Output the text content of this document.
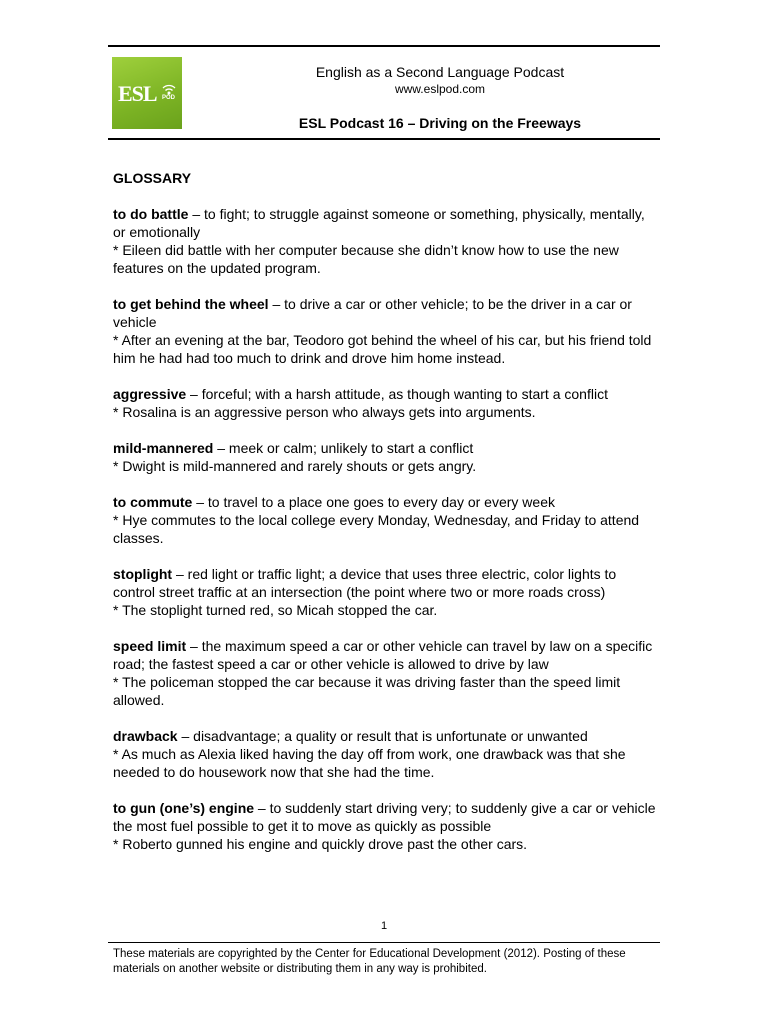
ESL POD
English as a Second Language Podcast
www.eslpod.com
ESL Podcast 16 – Driving on the Freeways

GLOSSARY

to do battle – to fight; to struggle against someone or something, physically, mentally, or emotionally

* Eileen did battle with her computer because she didn’t know how to use the new features on the updated program.

to get behind the wheel – to drive a car or other vehicle; to be the driver in a car or vehicle

* After an evening at the bar, Teodoro got behind the wheel of his car, but his friend told him he had had too much to drink and drove him home instead.

aggressive – forceful; with a harsh attitude, as though wanting to start a conflict

* Rosalina is an aggressive person who always gets into arguments.

mild-mannered – meek or calm; unlikely to start a conflict

* Dwight is mild-mannered and rarely shouts or gets angry.

to commute – to travel to a place one goes to every day or every week

* Hye commutes to the local college every Monday, Wednesday, and Friday to attend classes.

stoplight – red light or traffic light; a device that uses three electric, color lights to control street traffic at an intersection (the point where two or more roads cross)

* The stoplight turned red, so Micah stopped the car.

speed limit – the maximum speed a car or other vehicle can travel by law on a specific road; the fastest speed a car or other vehicle is allowed to drive by law

* The policeman stopped the car because it was driving faster than the speed limit allowed.

drawback – disadvantage; a quality or result that is unfortunate or unwanted

* As much as Alexia liked having the day off from work, one drawback was that she needed to do housework now that she had the time.

to gun (one’s) engine – to suddenly start driving very; to suddenly give a car or vehicle the most fuel possible to get it to move as quickly as possible

* Roberto gunned his engine and quickly drove past the other cars.

1
These materials are copyrighted by the Center for Educational Development (2012). Posting of these materials on another website or distributing them in any way is prohibited.
